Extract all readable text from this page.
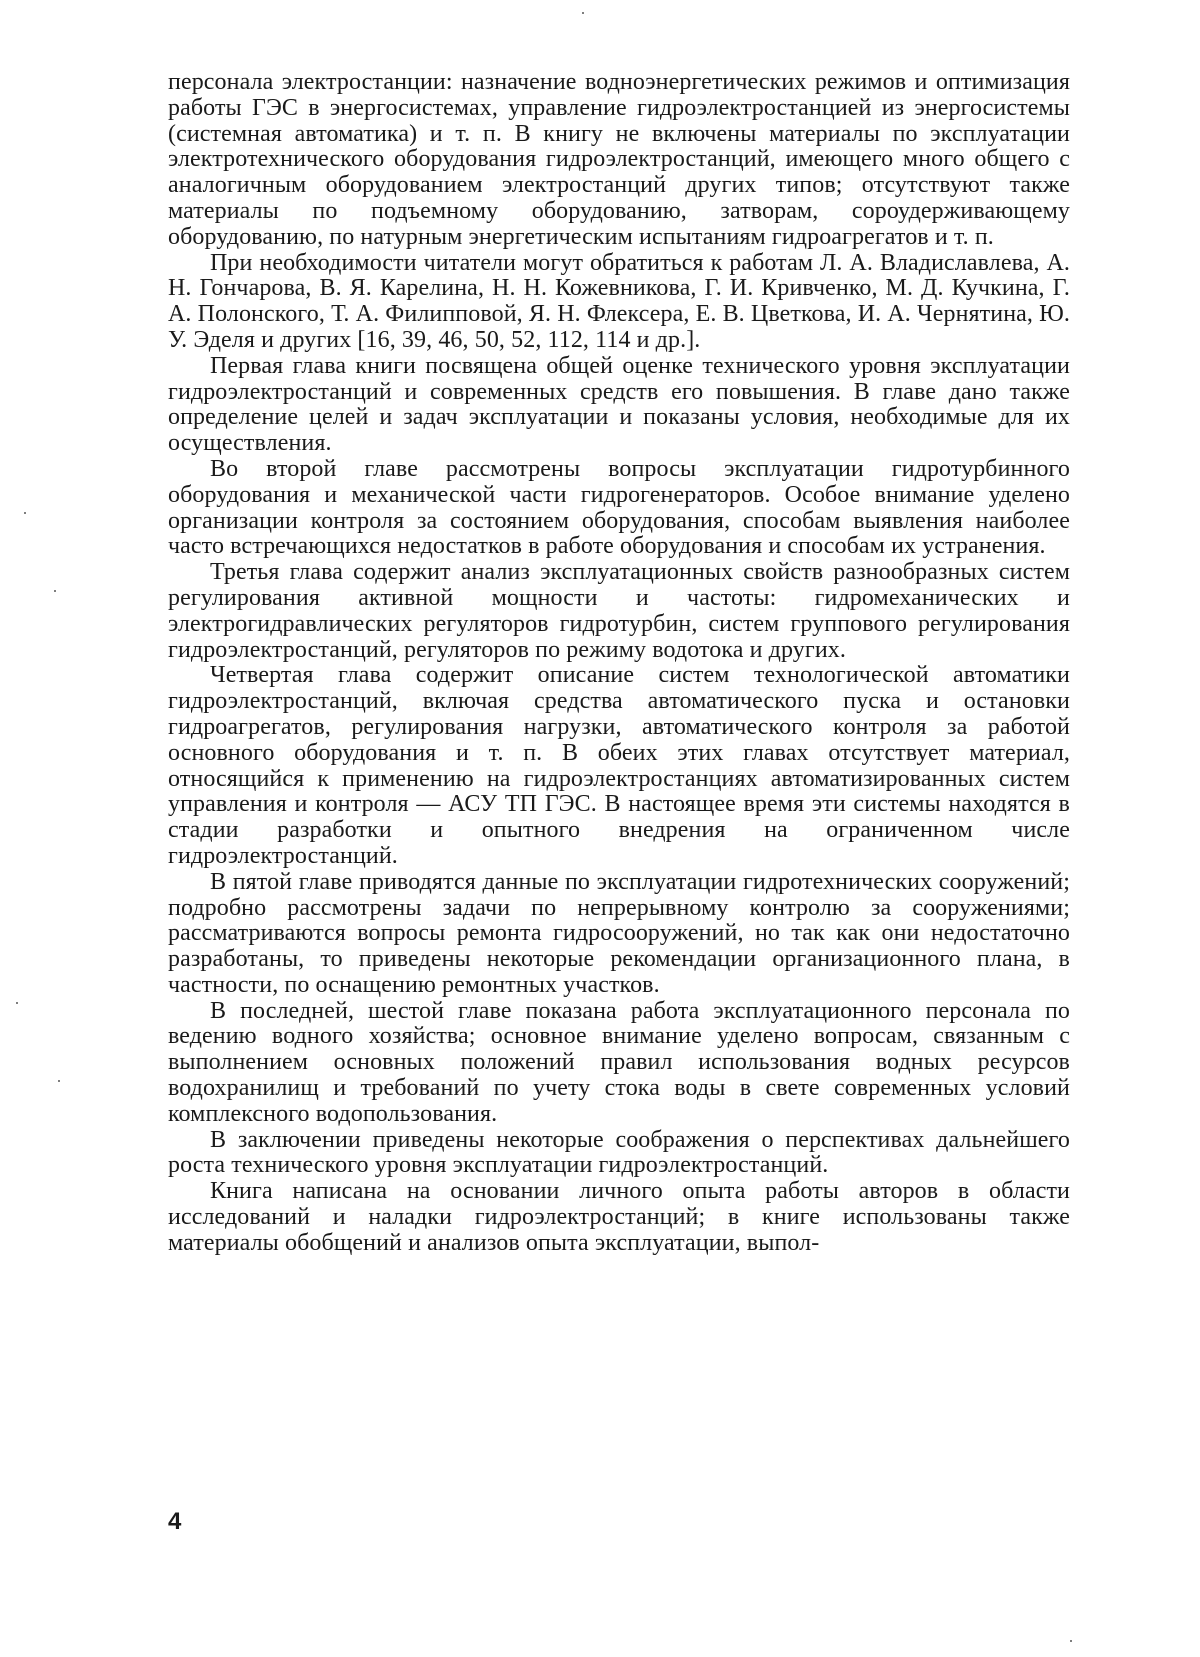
персонала электростанции: назначение водноэнергетических режимов и оптимизация работы ГЭС в энергосистемах, управление гидроэлектростанцией из энергосистемы (системная автоматика) и т. п. В книгу не включены материалы по эксплуатации электротехнического оборудования гидроэлектростанций, имеющего много общего с аналогичным оборудованием электростанций других типов; отсутствуют также материалы по подъемному оборудованию, затворам, сороудерживающему оборудованию, по натурным энергетическим испытаниям гидроагрегатов и т. п.

При необходимости читатели могут обратиться к работам Л. А. Владиславлева, А. Н. Гончарова, В. Я. Карелина, Н. Н. Кожевникова, Г. И. Кривченко, М. Д. Кучкина, Г. А. Полонского, Т. А. Филипповой, Я. Н. Флексера, Е. В. Цветкова, И. А. Чернятина, Ю. У. Эделя и других [16, 39, 46, 50, 52, 112, 114 и др.].

Первая глава книги посвящена общей оценке технического уровня эксплуатации гидроэлектростанций и современных средств его повышения. В главе дано также определение целей и задач эксплуатации и показаны условия, необходимые для их осуществления.

Во второй главе рассмотрены вопросы эксплуатации гидротурбинного оборудования и механической части гидрогенераторов. Особое внимание уделено организации контроля за состоянием оборудования, способам выявления наиболее часто встречающихся недостатков в работе оборудования и способам их устранения.

Третья глава содержит анализ эксплуатационных свойств разнообразных систем регулирования активной мощности и частоты: гидромеханических и электрогидравлических регуляторов гидротурбин, систем группового регулирования гидроэлектростанций, регуляторов по режиму водотока и других.

Четвертая глава содержит описание систем технологической автоматики гидроэлектростанций, включая средства автоматического пуска и остановки гидроагрегатов, регулирования нагрузки, автоматического контроля за работой основного оборудования и т. п. В обеих этих главах отсутствует материал, относящийся к применению на гидроэлектростанциях автоматизированных систем управления и контроля — АСУ ТП ГЭС. В настоящее время эти системы находятся в стадии разработки и опытного внедрения на ограниченном числе гидроэлектростанций.

В пятой главе приводятся данные по эксплуатации гидротехнических сооружений; подробно рассмотрены задачи по непрерывному контролю за сооружениями; рассматриваются вопросы ремонта гидросооружений, но так как они недостаточно разработаны, то приведены некоторые рекомендации организационного плана, в частности, по оснащению ремонтных участков.

В последней, шестой главе показана работа эксплуатационного персонала по ведению водного хозяйства; основное внимание уделено вопросам, связанным с выполнением основных положений правил использования водных ресурсов водохранилищ и требований по учету стока воды в свете современных условий комплексного водопользования.

В заключении приведены некоторые соображения о перспективах дальнейшего роста технического уровня эксплуатации гидроэлектростанций.

Книга написана на основании личного опыта работы авторов в области исследований и наладки гидроэлектростанций; в книге использованы также материалы обобщений и анализов опыта эксплуатации, выпол-

4
